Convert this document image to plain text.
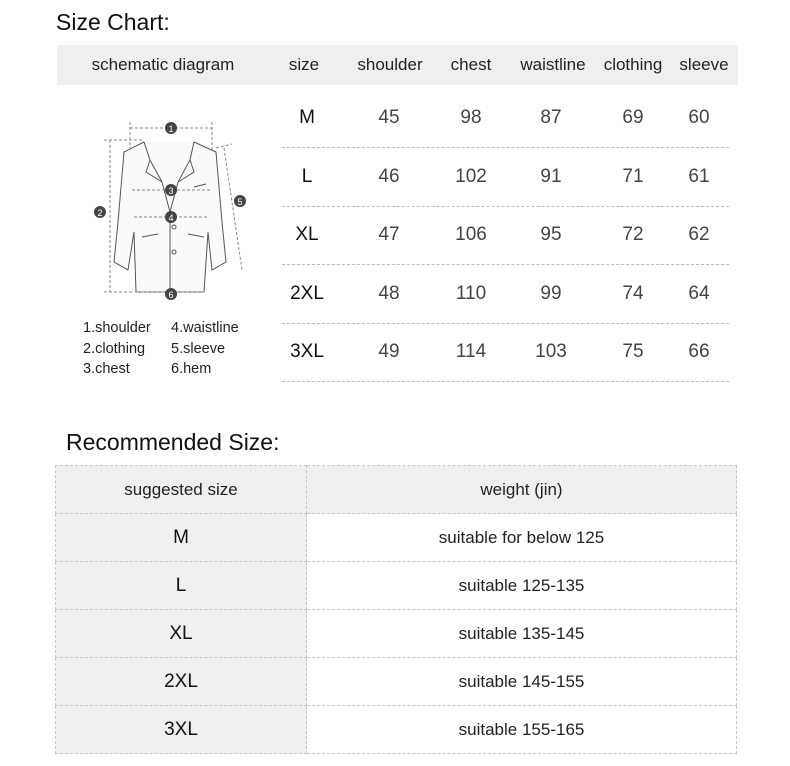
Size Chart:
schematic diagram	size shoulder chest waistline clothing sleeve
M	45	98	87	69 60
L	46	102	91	71 61
XL	47	106	95	72 62
2XL	48	110	99	74 64
3XL	49	114	103	75 66
1
2
3
4
5
6
1.shoulder	4.waistline
2.clothing	5.sleeve
3.chest	6.hem
Recommended Size:
suggested size	weight (jin)
M	suitable for below 125
L	suitable 125-135
XL	suitable 135-145
2XL	suitable 145-155
3XL	suitable 155-165
